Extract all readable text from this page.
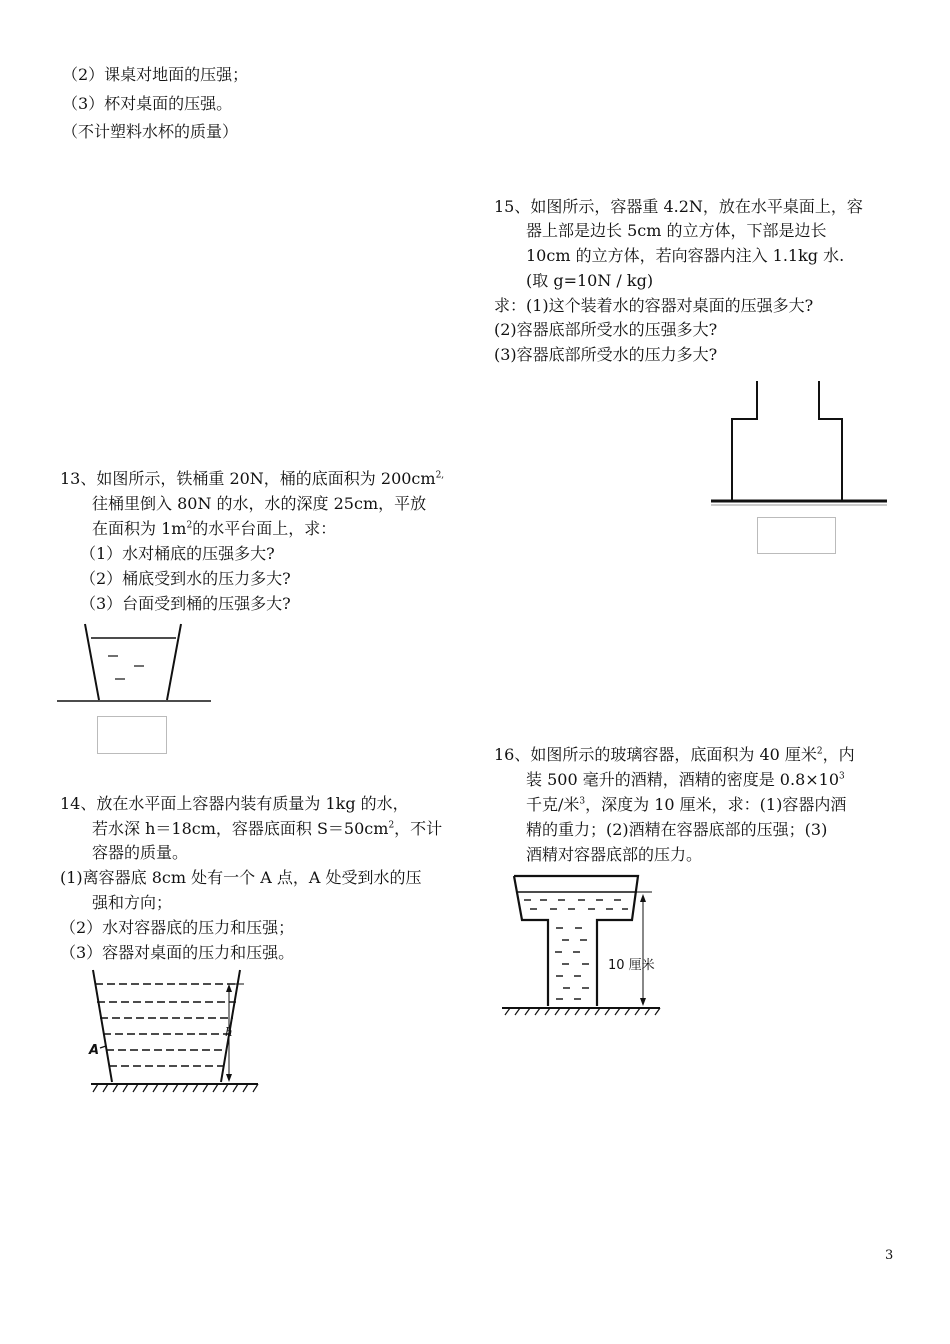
（2）课桌对地面的压强；
（3）杯对桌面的压强。
（不计塑料水杯的质量）
15、如图所示，容器重 4.2N，放在水平桌面上，容
器上部是边长 5cm 的立方体，下部是边长
10cm 的立方体，若向容器内注入 1.1kg 水.
(取 g=10N / kg)
求：(1)这个装着水的容器对桌面的压强多大?
(2)容器底部所受水的压强多大?
(3)容器底部所受水的压力多大?
13、如图所示，铁桶重 20N，桶的底面积为 $200cm^{2,}$
往桶里倒入 80N 的水，水的深度 25cm，平放
在面积为 $1m^2$的水平台面上，求：
（1）水对桶底的压强多大?
（2）桶底受到水的压力多大?
（3）台面受到桶的压强多大?
14、放在水平面上容器内装有质量为 1kg 的水，
若水深 h＝18cm，容器底面积 $S=50cm^2$，不计
容器的质量。
(1)离容器底 8cm 处有一个 A 点，A 处受到水的压
强和方向；
（2）水对容器底的压力和压强；
（3）容器对桌面的压力和压强。
h
A
16、如图所示的玻璃容器，底面积为 40 厘米$^2$，内
装 500 毫升的酒精，酒精的密度是 $0.8\times 10^3$
千克/米$^3$，深度为 10 厘米，求：(1)容器内酒
精的重力；(2)酒精在容器底部的压强；(3)
酒精对容器底部的压力。
10 厘米
3
